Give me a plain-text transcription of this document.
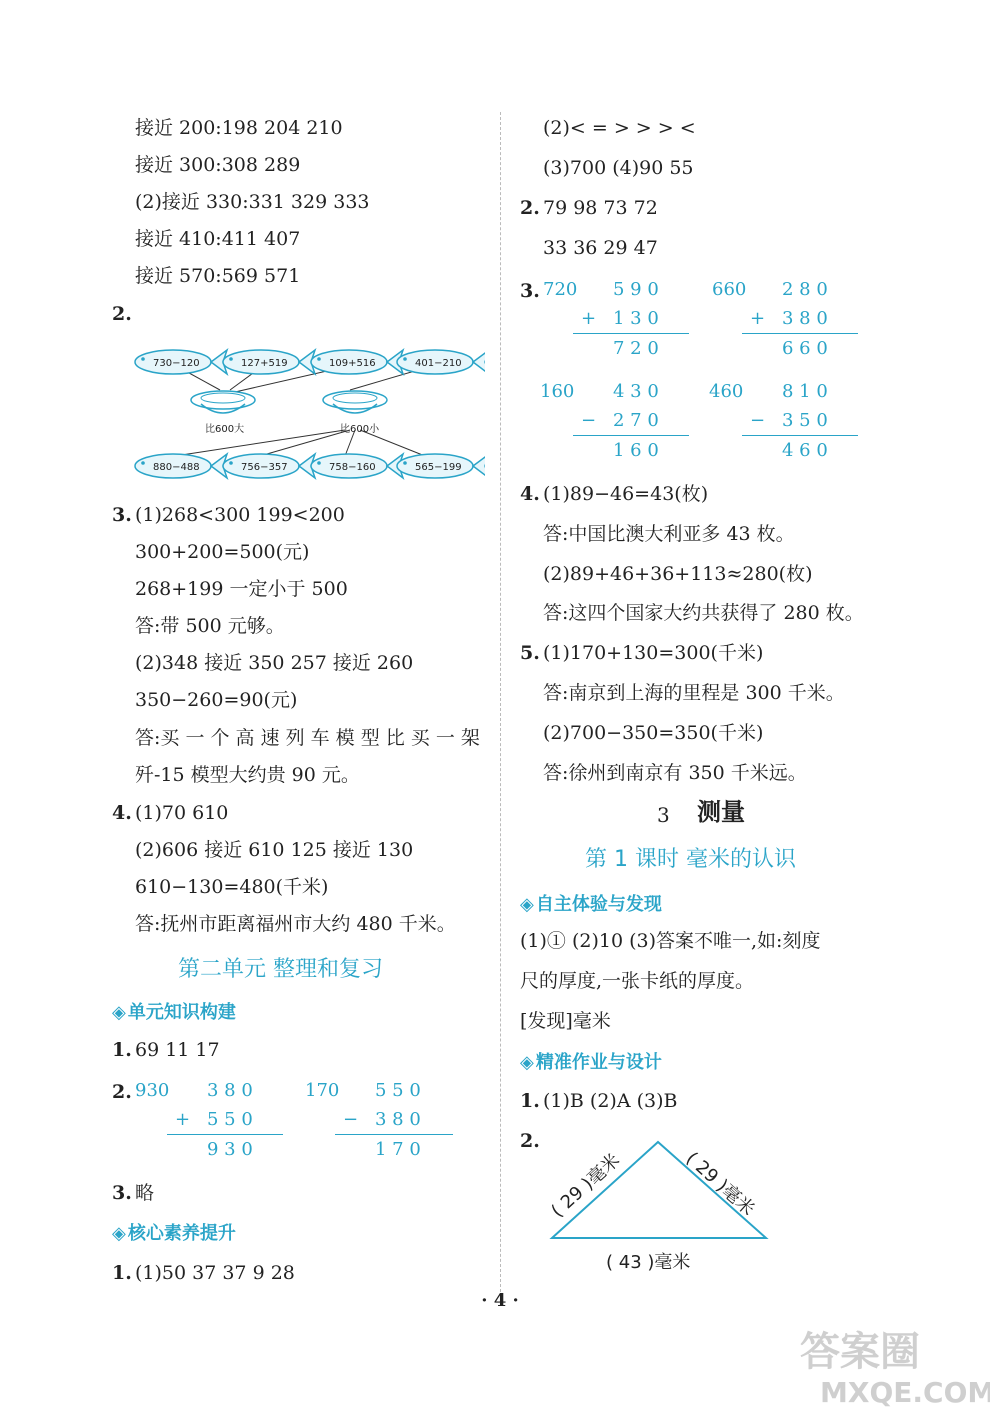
接近 200:198 204 210
接近 300:308 289
(2)接近 330:331 329 333
接近 410:411 407
接近 570:569 571
2.
730−120	127+519	109+516	401−210
比600大	比600小
880−488	756−357	758−160	565−199
3. (1)268<300 199<200
300+200=500(元)
268+199 一定小于 500
答:带 500 元够。
(2)348 接近 350 257 接近 260
350−260=90(元)
答:买 一 个 高 速 列 车 模 型 比 买 一 架
歼-15 模型大约贵 90 元。
4. (1)70 610
(2)606 接近 610 125 接近 130
610−130=480(千米)
答:抚州市距离福州市大约 480 千米。
第二单元 整理和复习
◈ 单元知识构建
1. 69 11 17
2. 930 3 8 0
+ 5 5 0
9 3 0
170 5 5 0
− 3 8 0
1 7 0
3. 略
◈ 核心素养提升
1. (1)50 37 37 9 28
(2)< = > > > <
(3)700 (4)90 55
2. 79 98 73 72
33 36 29 47
3. 720 5 9 0
+ 1 3 0
7 2 0
660 2 8 0
+ 3 8 0
6 6 0
160 4 3 0
− 2 7 0
1 6 0
460 8 1 0
− 3 5 0
4 6 0
4. (1)89−46=43(枚)
答:中国比澳大利亚多 43 枚。
(2)89+46+36+113≈280(枚)
答:这四个国家大约共获得了 280 枚。
5. (1)170+130=300(千米)
答:南京到上海的里程是 300 千米。
(2)700−350=350(千米)
答:徐州到南京有 350 千米远。
3 测量
第 1 课时 毫米的认识
◈ 自主体验与发现
(1)① (2)10 (3)答案不唯一,如:刻度
尺的厚度,一张卡纸的厚度。
[发现]毫米
◈ 精准作业与设计
1. (1)B (2)A (3)B
2.
( 29 )毫米	( 29 )毫米
( 43 )毫米
· 4 ·
答案圈
MXQE.COM
